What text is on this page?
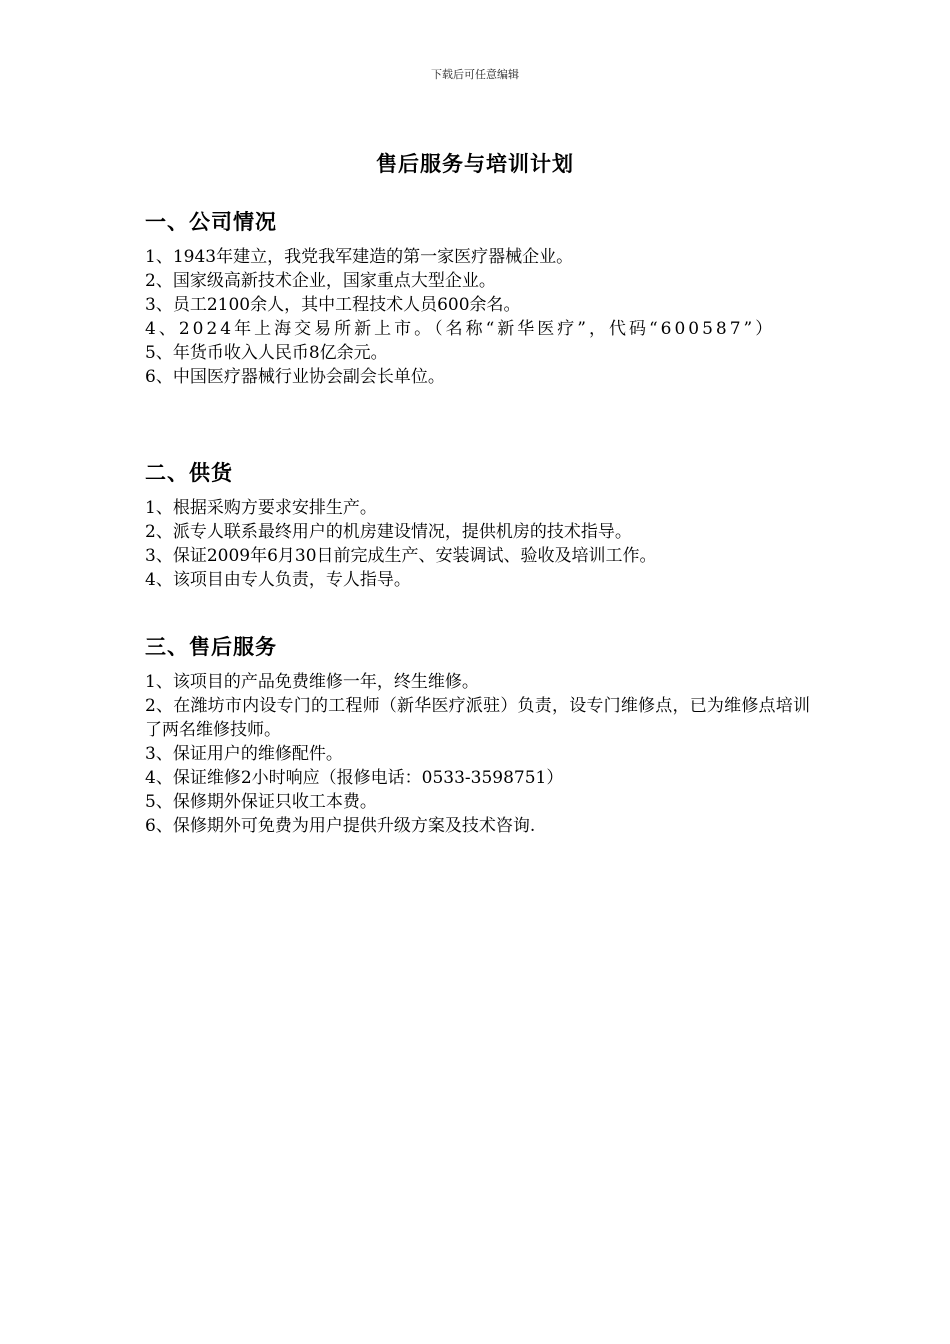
下载后可任意编辑
售后服务与培训计划
一、公司情况

1、1943年建立，我党我军建造的第一家医疗器械企业。

2、国家级高新技术企业，国家重点大型企业。

3、员工2100余人，其中工程技术人员600余名。

4、2024年上海交易所新上市。（名称“新华医疗”，代码“600587”）

5、年货币收入人民币8亿余元。

6、中国医疗器械行业协会副会长单位。

二、供货

1、根据采购方要求安排生产。

2、派专人联系最终用户的机房建设情况，提供机房的技术指导。

3、保证2009年6月30日前完成生产、安装调试、验收及培训工作。

4、该项目由专人负责，专人指导。

三、售后服务

1、该项目的产品免费维修一年，终生维修。

2、在潍坊市内设专门的工程师（新华医疗派驻）负责，设专门维修点，已为维修点培训了两名维修技师。

3、保证用户的维修配件。

4、保证维修2小时响应（报修电话：0533-3598751）

5、保修期外保证只收工本费。

6、保修期外可免费为用户提供升级方案及技术咨询.
